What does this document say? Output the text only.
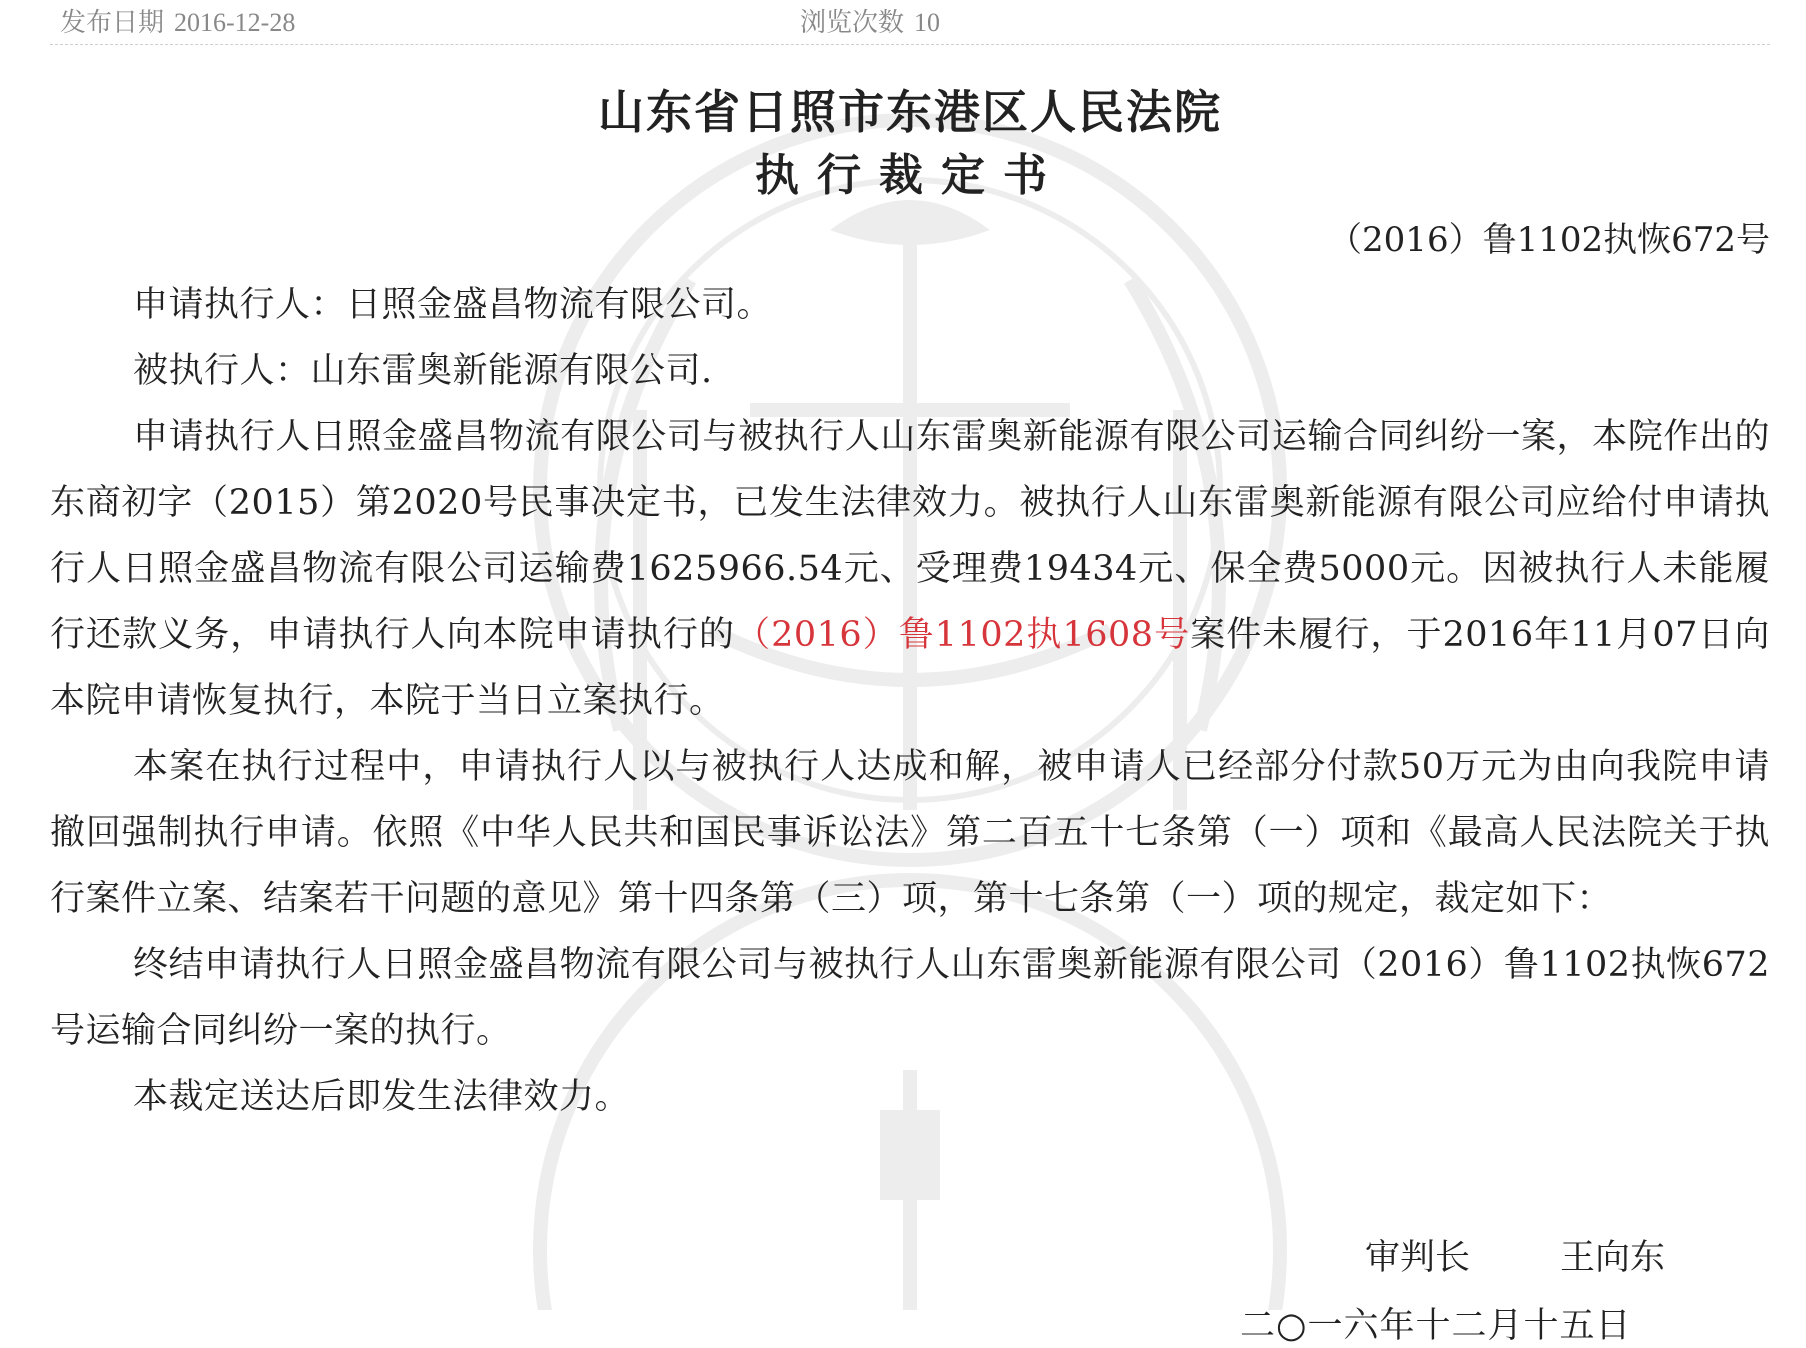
发布日期 2016-12-28	浏览次数 10

山东省日照市东港区人民法院

执行裁定书

（2016）鲁1102执恢672号

申请执行人：日照金盛昌物流有限公司。

被执行人：山东雷奥新能源有限公司.

申请执行人日照金盛昌物流有限公司与被执行人山东雷奥新能源有限公司运输合同纠纷一案，本院作出的东商初字（2015）第2020号民事决定书，已发生法律效力。被执行人山东雷奥新能源有限公司应给付申请执行人日照金盛昌物流有限公司运输费1625966.54元、受理费19434元、保全费5000元。因被执行人未能履行还款义务，申请执行人向本院申请执行的（2016）鲁1102执1608号案件未履行，于2016年11月07日向本院申请恢复执行，本院于当日立案执行。

本案在执行过程中，申请执行人以与被执行人达成和解，被申请人已经部分付款50万元为由向我院申请撤回强制执行申请。依照《中华人民共和国民事诉讼法》第二百五十七条第（一）项和《最高人民法院关于执行案件立案、结案若干问题的意见》第十四条第（三）项，第十七条第（一）项的规定，裁定如下：

终结申请执行人日照金盛昌物流有限公司与被执行人山东雷奥新能源有限公司（2016）鲁1102执恢672号运输合同纠纷一案的执行。

本裁定送达后即发生法律效力。

审判长	王向东
二○一六年十二月十五日
